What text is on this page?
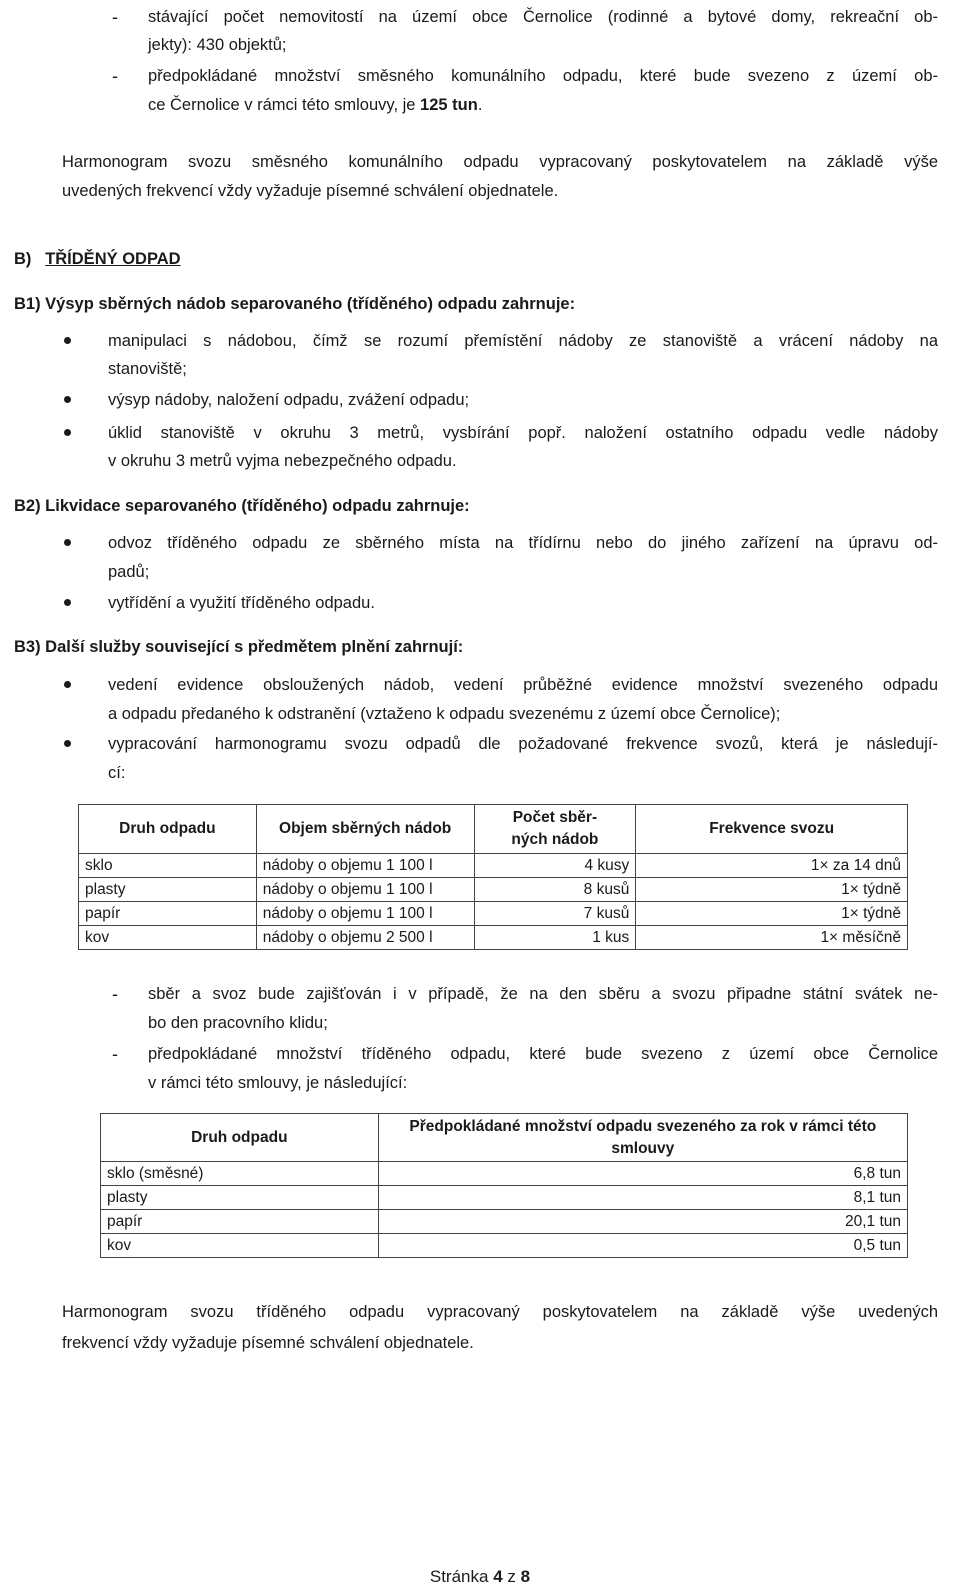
- stávající počet nemovitostí na území obce Černolice (rodinné a bytové domy, rekreační ob-
jekty): 430 objektů;
- předpokládané množství směsného komunálního odpadu, které bude svezeno z území ob-
ce Černolice v rámci této smlouvy, je 125 tun.
Harmonogram svozu směsného komunálního odpadu vypracovaný poskytovatelem na základě výše
uvedených frekvencí vždy vyžaduje písemné schválení objednatele.
B) TŘÍDĚNÝ ODPAD
B1) Výsyp sběrných nádob separovaného (tříděného) odpadu zahrnuje:
manipulaci s nádobou, čímž se rozumí přemístění nádoby ze stanoviště a vrácení nádoby na
stanoviště;
výsyp nádoby, naložení odpadu, zvážení odpadu;
úklid stanoviště v okruhu 3 metrů, vysbírání popř. naložení ostatního odpadu vedle nádoby
v okruhu 3 metrů vyjma nebezpečného odpadu.
B2) Likvidace separovaného (tříděného) odpadu zahrnuje:
odvoz tříděného odpadu ze sběrného místa na třídírnu nebo do jiného zařízení na úpravu od-
padů;
vytřídění a využití tříděného odpadu.
B3) Další služby související s předmětem plnění zahrnují:
vedení evidence obsloužených nádob, vedení průběžné evidence množství svezeného odpadu
a odpadu předaného k odstranění (vztaženo k odpadu svezenému z území obce Černolice);
vypracování harmonogramu svozu odpadů dle požadované frekvence svozů, která je následují-
cí:
Druh odpadu	Objem sběrných nádob	Počet sběr-
ných nádob	Frekvence svozu
sklo	nádoby o objemu 1 100 l	4 kusy	1× za 14 dnů
plasty	nádoby o objemu 1 100 l	8 kusů	1× týdně
papír	nádoby o objemu 1 100 l	7 kusů	1× týdně
kov	nádoby o objemu 2 500 l	1 kus	1× měsíčně
- sběr a svoz bude zajišťován i v případě, že na den sběru a svozu připadne státní svátek ne-
bo den pracovního klidu;
- předpokládané množství tříděného odpadu, které bude svezeno z území obce Černolice
v rámci této smlouvy, je následující:
Druh odpadu	Předpokládané množství odpadu svezeného za rok v rámci této
smlouvy
sklo (směsné)	6,8 tun
plasty	8,1 tun
papír	20,1 tun
kov	0,5 tun
Harmonogram svozu tříděného odpadu vypracovaný poskytovatelem na základě výše uvedených
frekvencí vždy vyžaduje písemné schválení objednatele.
Stránka 4 z 8
